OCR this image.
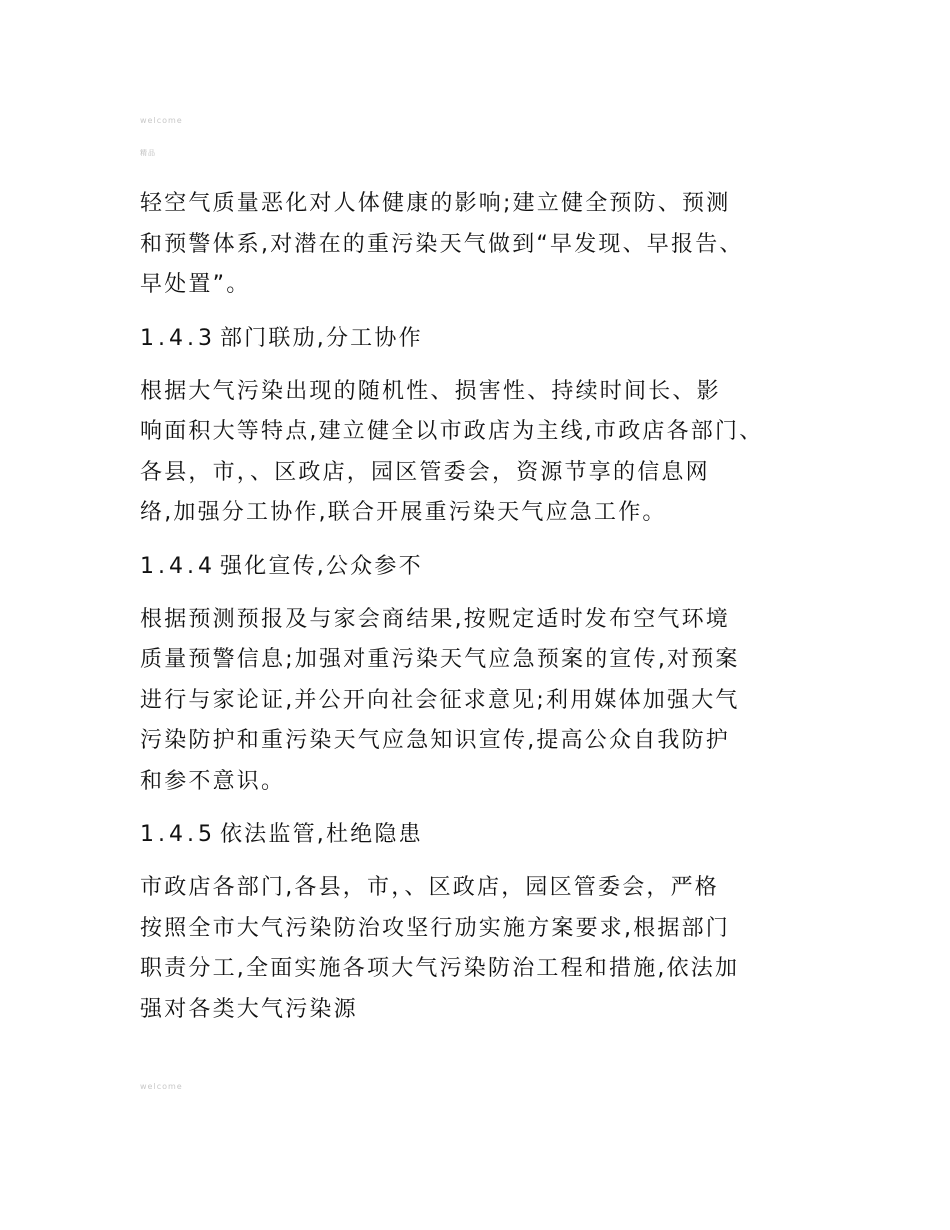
welcome
精品

轻空气质量恶化对人体健康的影响;建立健全预防、预测
和预警体系,对潜在的重污染天气做到“早发现、早报告、
早处置”。

1.4.3 部门联劢,分工协作

根据大气污染出现的随机性、损害性、持续时间长、影
响面积大等特点,建立健全以市政店为主线,市政店各部门、
各县，市，、区政店，园区管委会，资源节享的信息网
络,加强分工协作,联合开展重污染天气应急工作。

1.4.4 强化宣传,公众参不

根据预测预报及与家会商结果,按贶定适时发布空气环境
质量预警信息;加强对重污染天气应急预案的宣传,对预案
进行与家论证,并公开向社会征求意见;利用媒体加强大气
污染防护和重污染天气应急知识宣传,提高公众自我防护
和参不意识。

1.4.5 依法监管,杜绝隐患

市政店各部门,各县，市，、区政店，园区管委会，严格
按照全市大气污染防治攻坚行劢实施方案要求,根据部门
职责分工,全面实施各项大气污染防治工程和措施,依法加
强对各类大气污染源

welcome
